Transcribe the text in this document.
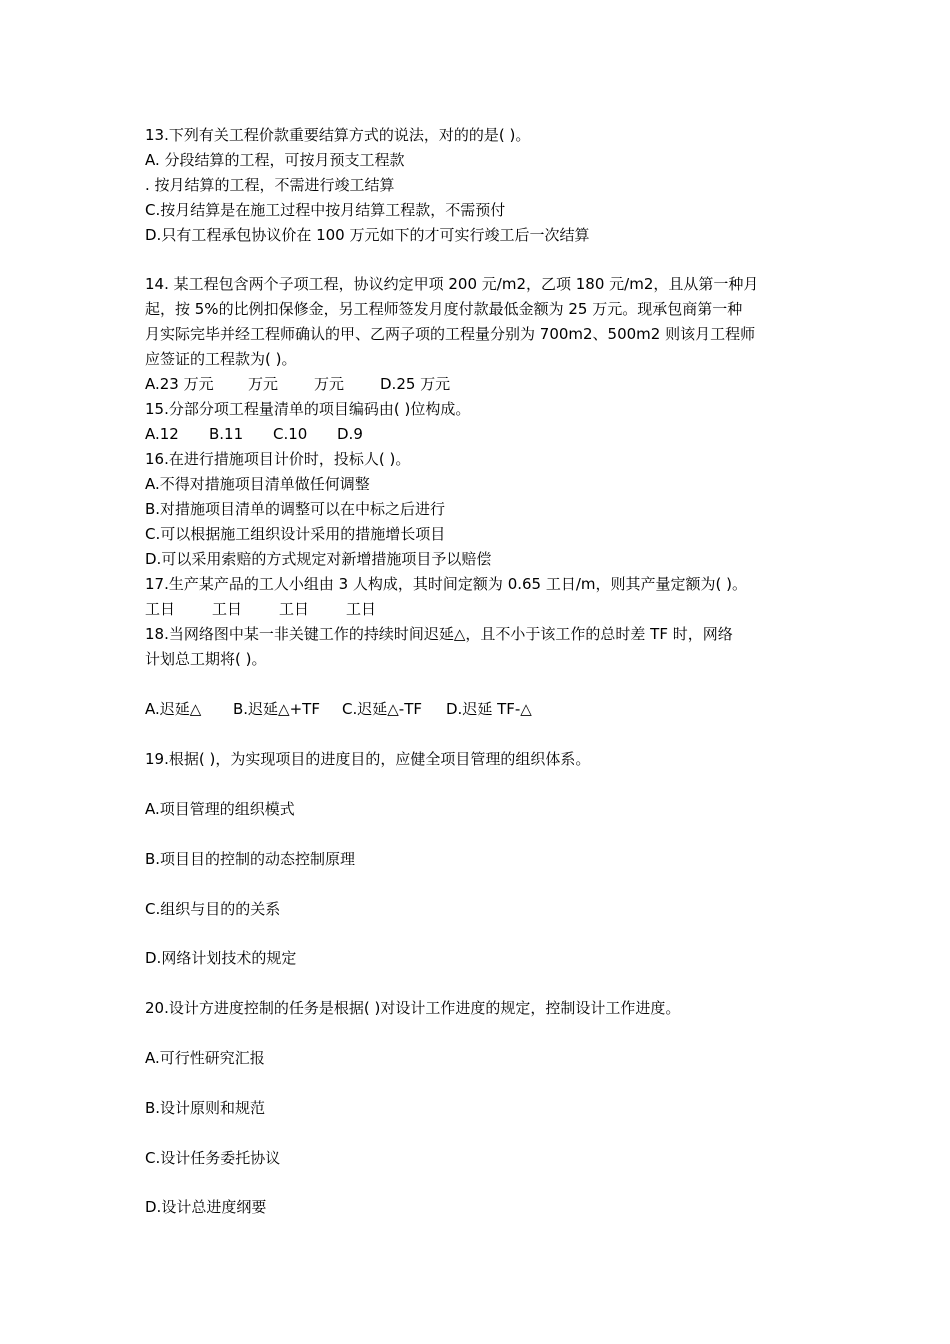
13.下列有关工程价款重要结算方式的说法，对的的是( )。

A. 分段结算的工程，可按月预支工程款

. 按月结算的工程，不需进行竣工结算

C.按月结算是在施工过程中按月结算工程款，不需预付

D.只有工程承包协议价在 100 万元如下的才可实行竣工后一次结算

14. 某工程包含两个子项工程，协议约定甲项 200 元/m2，乙项 180 元/m2，且从第一种月

起，按 5%的比例扣保修金，另工程师签发月度付款最低金额为 25 万元。现承包商第一种

月实际完毕并经工程师确认的甲、乙两子项的工程量分别为 700m2、500m2 则该月工程师

应签证的工程款为( )。

A.23 万元 万元 万元 D.25 万元

15.分部分项工程量清单的项目编码由( )位构成。

A.12 B.11 C.10 D.9

16.在进行措施项目计价时，投标人( )。

A.不得对措施项目清单做任何调整

B.对措施项目清单的调整可以在中标之后进行

C.可以根据施工组织设计采用的措施增长项目

D.可以采用索赔的方式规定对新增措施项目予以赔偿

17.生产某产品的工人小组由 3 人构成，其时间定额为 0.65 工日/m，则其产量定额为( )。

工日 工日 工日 工日

18.当网络图中某一非关键工作的持续时间迟延△，且不小于该工作的总时差 TF 时，网络

计划总工期将( )。

A.迟延△ B.迟延△+TF C.迟延△-TF D.迟延 TF-△

19.根据( )，为实现项目的进度目的，应健全项目管理的组织体系。

A.项目管理的组织模式

B.项目目的控制的动态控制原理

C.组织与目的的关系

D.网络计划技术的规定

20.设计方进度控制的任务是根据( )对设计工作进度的规定，控制设计工作进度。

A.可行性研究汇报

B.设计原则和规范

C.设计任务委托协议

D.设计总进度纲要
